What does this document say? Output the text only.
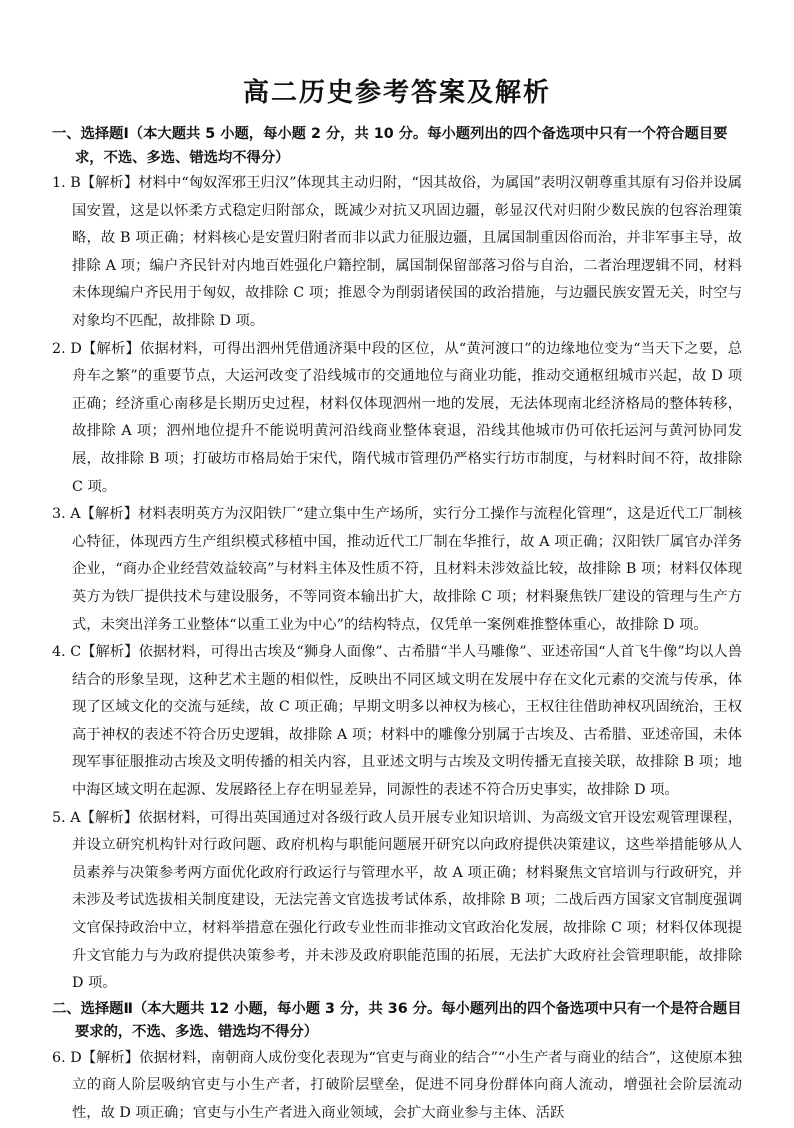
高二历史参考答案及解析

一、选择题Ⅰ（本大题共 5 小题，每小题 2 分，共 10 分。每小题列出的四个备选项中只有一个符合题目要求，不选、多选、错选均不得分）

1. B【解析】材料中“匈奴浑邪王归汉”体现其主动归附，“因其故俗，为属国”表明汉朝尊重其原有习俗并设属国安置，这是以怀柔方式稳定归附部众，既减少对抗又巩固边疆，彰显汉代对归附少数民族的包容治理策略，故 B 项正确；材料核心是安置归附者而非以武力征服边疆，且属国制重因俗而治，并非军事主导，故排除 A 项；编户齐民针对内地百姓强化户籍控制，属国制保留部落习俗与自治，二者治理逻辑不同，材料未体现编户齐民用于匈奴，故排除 C 项；推恩令为削弱诸侯国的政治措施，与边疆民族安置无关，时空与对象均不匹配，故排除 D 项。

2. D【解析】依据材料，可得出泗州凭借通济渠中段的区位，从“黄河渡口”的边缘地位变为“当天下之要，总舟车之繁”的重要节点，大运河改变了沿线城市的交通地位与商业功能，推动交通枢纽城市兴起，故 D 项正确；经济重心南移是长期历史过程，材料仅体现泗州一地的发展，无法体现南北经济格局的整体转移，故排除 A 项；泗州地位提升不能说明黄河沿线商业整体衰退，沿线其他城市仍可依托运河与黄河协同发展，故排除 B 项；打破坊市格局始于宋代，隋代城市管理仍严格实行坊市制度，与材料时间不符，故排除 C 项。

3. A【解析】材料表明英方为汉阳铁厂“建立集中生产场所，实行分工操作与流程化管理”，这是近代工厂制核心特征，体现西方生产组织模式移植中国，推动近代工厂制在华推行，故 A 项正确；汉阳铁厂属官办洋务企业，“商办企业经营效益较高”与材料主体及性质不符，且材料未涉效益比较，故排除 B 项；材料仅体现英方为铁厂提供技术与建设服务，不等同资本输出扩大，故排除 C 项；材料聚焦铁厂建设的管理与生产方式，未突出洋务工业整体“以重工业为中心”的结构特点，仅凭单一案例难推整体重心，故排除 D 项。

4. C【解析】依据材料，可得出古埃及“狮身人面像”、古希腊“半人马雕像”、亚述帝国“人首飞牛像”均以人兽结合的形象呈现，这种艺术主题的相似性，反映出不同区域文明在发展中存在文化元素的交流与传承，体现了区域文化的交流与延续，故 C 项正确；早期文明多以神权为核心，王权往往借助神权巩固统治，王权高于神权的表述不符合历史逻辑，故排除 A 项；材料中的雕像分别属于古埃及、古希腊、亚述帝国，未体现军事征服推动古埃及文明传播的相关内容，且亚述文明与古埃及文明传播无直接关联，故排除 B 项；地中海区域文明在起源、发展路径上存在明显差异，同源性的表述不符合历史事实，故排除 D 项。

5. A【解析】依据材料，可得出英国通过对各级行政人员开展专业知识培训、为高级文官开设宏观管理课程，并设立研究机构针对行政问题、政府机构与职能问题展开研究以向政府提供决策建议，这些举措能够从人员素养与决策参考两方面优化政府行政运行与管理水平，故 A 项正确；材料聚焦文官培训与行政研究，并未涉及考试选拔相关制度建设，无法完善文官选拔考试体系，故排除 B 项；二战后西方国家文官制度强调文官保持政治中立，材料举措意在强化行政专业性而非推动文官政治化发展，故排除 C 项；材料仅体现提升文官能力与为政府提供决策参考，并未涉及政府职能范围的拓展，无法扩大政府社会管理职能，故排除 D 项。

二、选择题Ⅱ（本大题共 12 小题，每小题 3 分，共 36 分。每小题列出的四个备选项中只有一个是符合题目要求的，不选、多选、错选均不得分）

6. D【解析】依据材料，南朝商人成份变化表现为“官吏与商业的结合”“小生产者与商业的结合”，这使原本独立的商人阶层吸纳官吏与小生产者，打破阶层壁垒，促进不同身份群体向商人流动，增强社会阶层流动性，故 D 项正确；官吏与小生产者进入商业领域，会扩大商业参与主体、活跃
